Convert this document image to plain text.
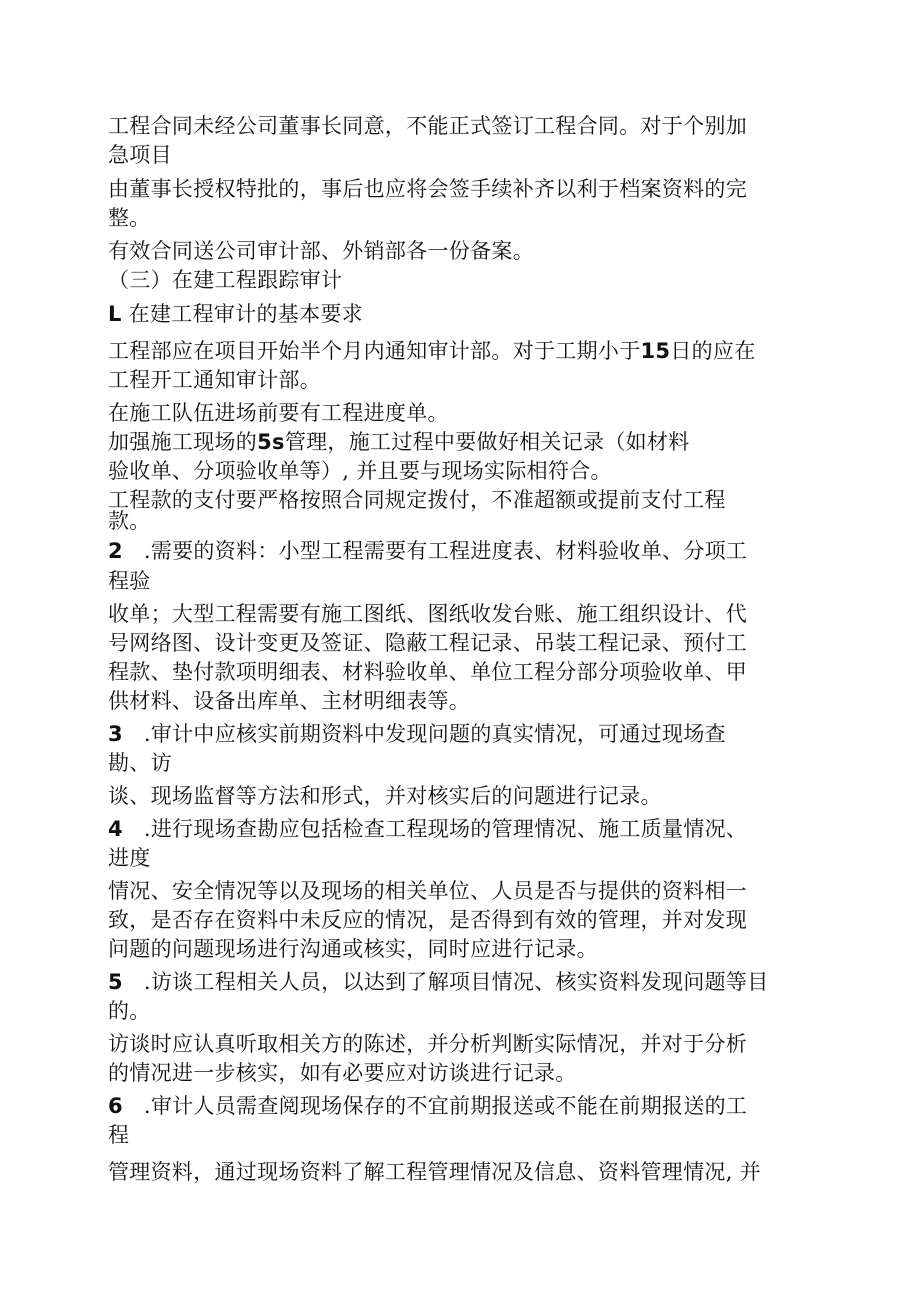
工程合同未经公司董事长同意，不能正式签订工程合同。对于个别加
急项目
由董事长授权特批的，事后也应将会签手续补齐以利于档案资料的完
整。
有效合同送公司审计部、外销部各一份备案。
（三）在建工程跟踪审计
L 在建工程审计的基本要求
工程部应在项目开始半个月内通知审计部。对于工期小于15日的应在
工程开工通知审计部。
在施工队伍进场前要有工程进度单。
加强施工现场的5s管理，施工过程中要做好相关记录（如材料
验收单、分项验收单等）, 并且要与现场实际相符合。
工程款的支付要严格按照合同规定拨付，不准超额或提前支付工程
款。
2 .需要的资料：小型工程需要有工程进度表、材料验收单、分项工
程验
收单；大型工程需要有施工图纸、图纸收发台账、施工组织设计、代
号网络图、设计变更及签证、隐蔽工程记录、吊装工程记录、预付工
程款、垫付款项明细表、材料验收单、单位工程分部分项验收单、甲
供材料、设备出库单、主材明细表等。
3 .审计中应核实前期资料中发现问题的真实情况，可通过现场查
勘、访
谈、现场监督等方法和形式，并对核实后的问题进行记录。
4 .进行现场查勘应包括检查工程现场的管理情况、施工质量情况、
进度
情况、安全情况等以及现场的相关单位、人员是否与提供的资料相一
致，是否存在资料中未反应的情况，是否得到有效的管理，并对发现
问题的问题现场进行沟通或核实，同时应进行记录。
5 .访谈工程相关人员，以达到了解项目情况、核实资料发现问题等目
的。
访谈时应认真听取相关方的陈述，并分析判断实际情况，并对于分析
的情况进一步核实，如有必要应对访谈进行记录。
6 .审计人员需查阅现场保存的不宜前期报送或不能在前期报送的工
程
管理资料，通过现场资料了解工程管理情况及信息、资料管理情况, 并
